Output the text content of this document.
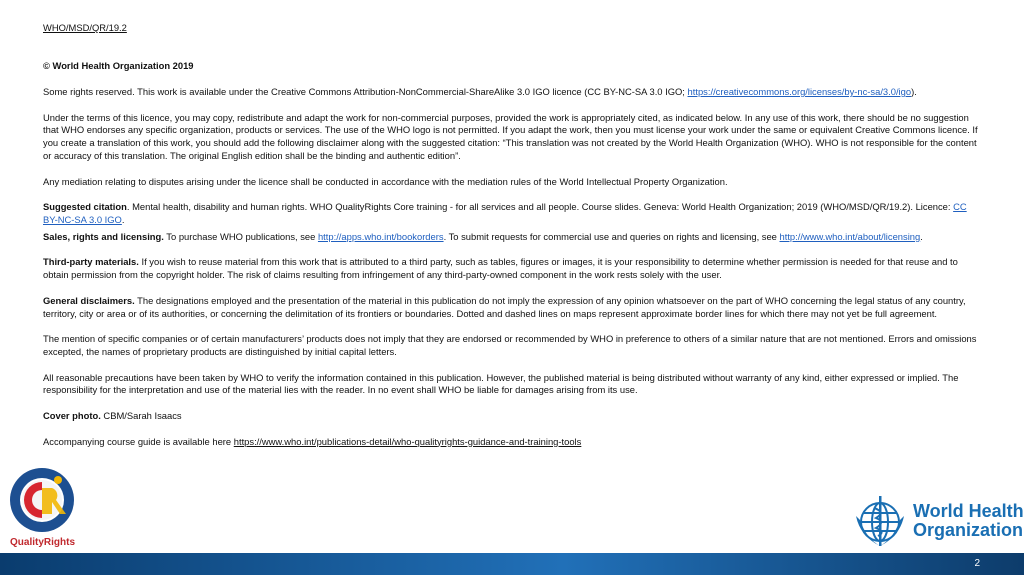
WHO/MSD/QR/19.2

© World Health Organization 2019

Some rights reserved. This work is available under the Creative Commons Attribution-NonCommercial-ShareAlike 3.0 IGO licence (CC BY-NC-SA 3.0 IGO; https://creativecommons.org/licenses/by-nc-sa/3.0/igo).

Under the terms of this licence, you may copy, redistribute and adapt the work for non-commercial purposes, provided the work is appropriately cited, as indicated below. In any use of this work, there should be no suggestion that WHO endorses any specific organization, products or services. The use of the WHO logo is not permitted. If you adapt the work, then you must license your work under the same or equivalent Creative Commons licence. If you create a translation of this work, you should add the following disclaimer along with the suggested citation: “This translation was not created by the World Health Organization (WHO). WHO is not responsible for the content or accuracy of this translation. The original English edition shall be the binding and authentic edition”.

Any mediation relating to disputes arising under the licence shall be conducted in accordance with the mediation rules of the World Intellectual Property Organization.

Suggested citation. Mental health, disability and human rights. WHO QualityRights Core training - for all services and all people. Course slides. Geneva: World Health Organization; 2019 (WHO/MSD/QR/19.2). Licence: CC BY-NC-SA 3.0 IGO.

Sales, rights and licensing. To purchase WHO publications, see http://apps.who.int/bookorders. To submit requests for commercial use and queries on rights and licensing, see http://www.who.int/about/licensing.

Third-party materials. If you wish to reuse material from this work that is attributed to a third party, such as tables, figures or images, it is your responsibility to determine whether permission is needed for that reuse and to obtain permission from the copyright holder. The risk of claims resulting from infringement of any third-party-owned component in the work rests solely with the user.

General disclaimers. The designations employed and the presentation of the material in this publication do not imply the expression of any opinion whatsoever on the part of WHO concerning the legal status of any country, territory, city or area or of its authorities, or concerning the delimitation of its frontiers or boundaries. Dotted and dashed lines on maps represent approximate border lines for which there may not yet be full agreement.

The mention of specific companies or of certain manufacturers’ products does not imply that they are endorsed or recommended by WHO in preference to others of a similar nature that are not mentioned. Errors and omissions excepted, the names of proprietary products are distinguished by initial capital letters.

All reasonable precautions have been taken by WHO to verify the information contained in this publication. However, the published material is being distributed without warranty of any kind, either expressed or implied. The responsibility for the interpretation and use of the material lies with the reader. In no event shall WHO be liable for damages arising from its use.

Cover photo. CBM/Sarah Isaacs

Accompanying course guide is available here https://www.who.int/publications-detail/who-qualityrights-guidance-and-training-tools

QualityRights
World Health
Organization
2
